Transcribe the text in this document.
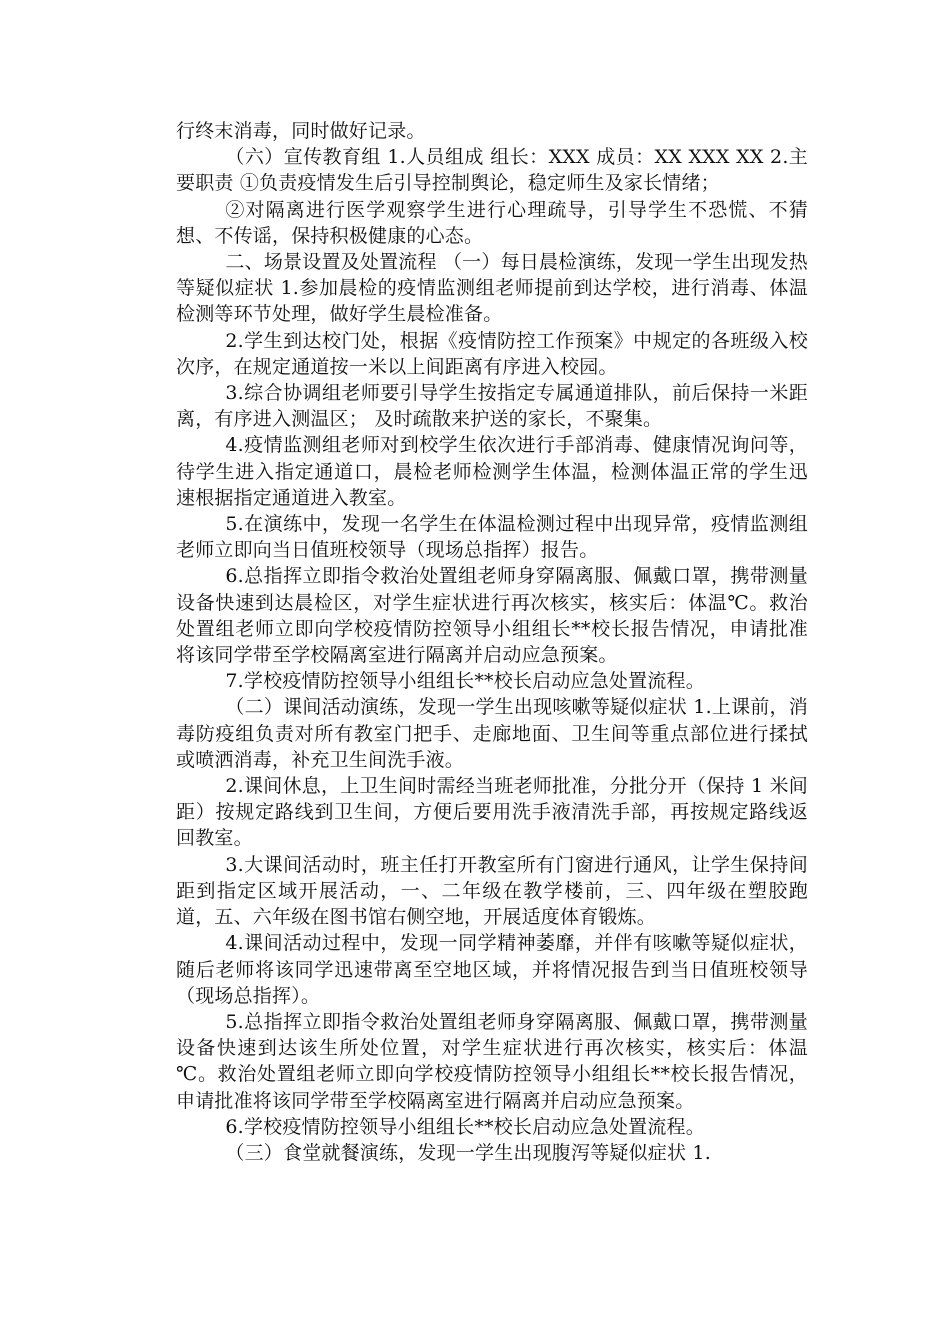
行终末消毒，同时做好记录。

（六）宣传教育组 1.人员组成 组长：XXX 成员：XX XXX XX 2.主要职责 ①负责疫情发生后引导控制舆论，稳定师生及家长情绪；

②对隔离进行医学观察学生进行心理疏导，引导学生不恐慌、不猜想、不传谣，保持积极健康的心态。

二、场景设置及处置流程 （一）每日晨检演练，发现一学生出现发热等疑似症状 1.参加晨检的疫情监测组老师提前到达学校，进行消毒、体温检测等环节处理，做好学生晨检准备。

2.学生到达校门处，根据《疫情防控工作预案》中规定的各班级入校次序，在规定通道按一米以上间距离有序进入校园。

3.综合协调组老师要引导学生按指定专属通道排队，前后保持一米距离，有序进入测温区； 及时疏散来护送的家长，不聚集。

4.疫情监测组老师对到校学生依次进行手部消毒、健康情况询问等，待学生进入指定通道口，晨检老师检测学生体温，检测体温正常的学生迅速根据指定通道进入教室。

5.在演练中，发现一名学生在体温检测过程中出现异常，疫情监测组老师立即向当日值班校领导（现场总指挥）报告。

6.总指挥立即指令救治处置组老师身穿隔离服、佩戴口罩，携带测量设备快速到达晨检区，对学生症状进行再次核实，核实后：体温℃。救治处置组老师立即向学校疫情防控领导小组组长**校长报告情况，申请批准将该同学带至学校隔离室进行隔离并启动应急预案。

7.学校疫情防控领导小组组长**校长启动应急处置流程。

（二）课间活动演练，发现一学生出现咳嗽等疑似症状 1.上课前，消毒防疫组负责对所有教室门把手、走廊地面、卫生间等重点部位进行揉拭或喷洒消毒，补充卫生间洗手液。

2.课间休息，上卫生间时需经当班老师批准，分批分开（保持 1 米间距）按规定路线到卫生间，方便后要用洗手液清洗手部，再按规定路线返回教室。

3.大课间活动时，班主任打开教室所有门窗进行通风，让学生保持间距到指定区域开展活动，一、二年级在教学楼前，三、四年级在塑胶跑道，五、六年级在图书馆右侧空地，开展适度体育锻炼。

4.课间活动过程中，发现一同学精神萎靡，并伴有咳嗽等疑似症状，随后老师将该同学迅速带离至空地区域，并将情况报告到当日值班校领导（现场总指挥）。

5.总指挥立即指令救治处置组老师身穿隔离服、佩戴口罩，携带测量设备快速到达该生所处位置，对学生症状进行再次核实，核实后：体温 ℃。救治处置组老师立即向学校疫情防控领导小组组长**校长报告情况，申请批准将该同学带至学校隔离室进行隔离并启动应急预案。

6.学校疫情防控领导小组组长**校长启动应急处置流程。

（三）食堂就餐演练，发现一学生出现腹泻等疑似症状 1.
